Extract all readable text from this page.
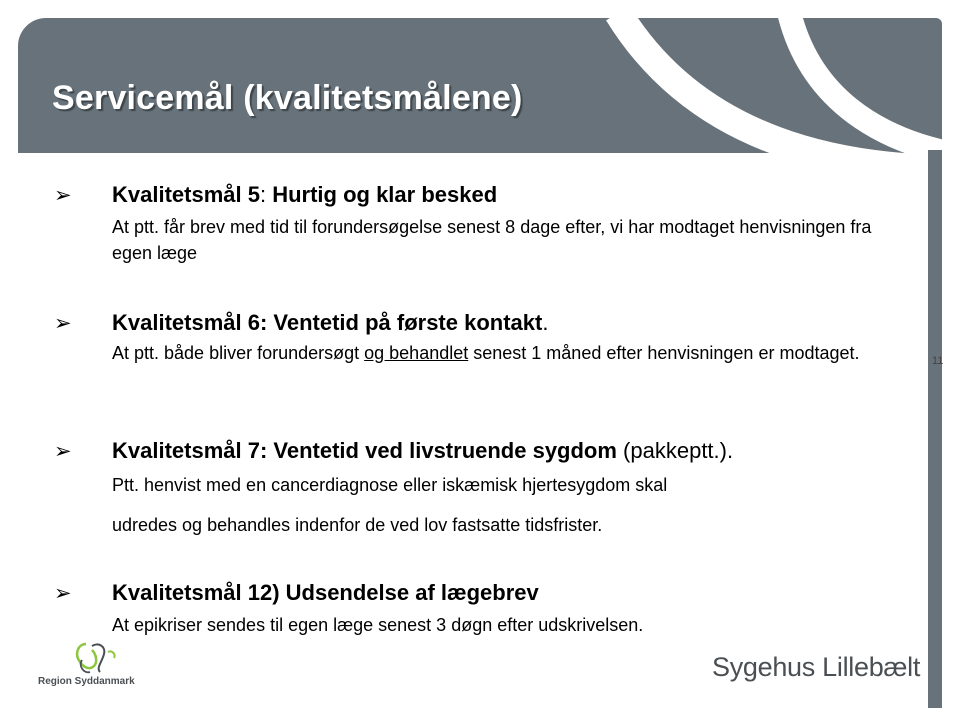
Servicemål (kvalitetsmålene)
11
➢ Kvalitetsmål 5: Hurtig og klar besked
At ptt. får brev med tid til forundersøgelse senest 8 dage efter, vi har modtaget henvisningen fra egen læge
➢ Kvalitetsmål 6: Ventetid på første kontakt.
At ptt. både bliver forundersøgt og behandlet senest 1 måned efter henvisningen er modtaget.
➢ Kvalitetsmål 7: Ventetid ved livstruende sygdom (pakkeptt.).
Ptt. henvist med en cancerdiagnose eller iskæmisk hjertesygdom skal
udredes og behandles indenfor de ved lov fastsatte tidsfrister.
➢ Kvalitetsmål 12) Udsendelse af lægebrev
At epikriser sendes til egen læge senest 3 døgn efter udskrivelsen.
Region Syddanmark	Sygehus Lillebælt
